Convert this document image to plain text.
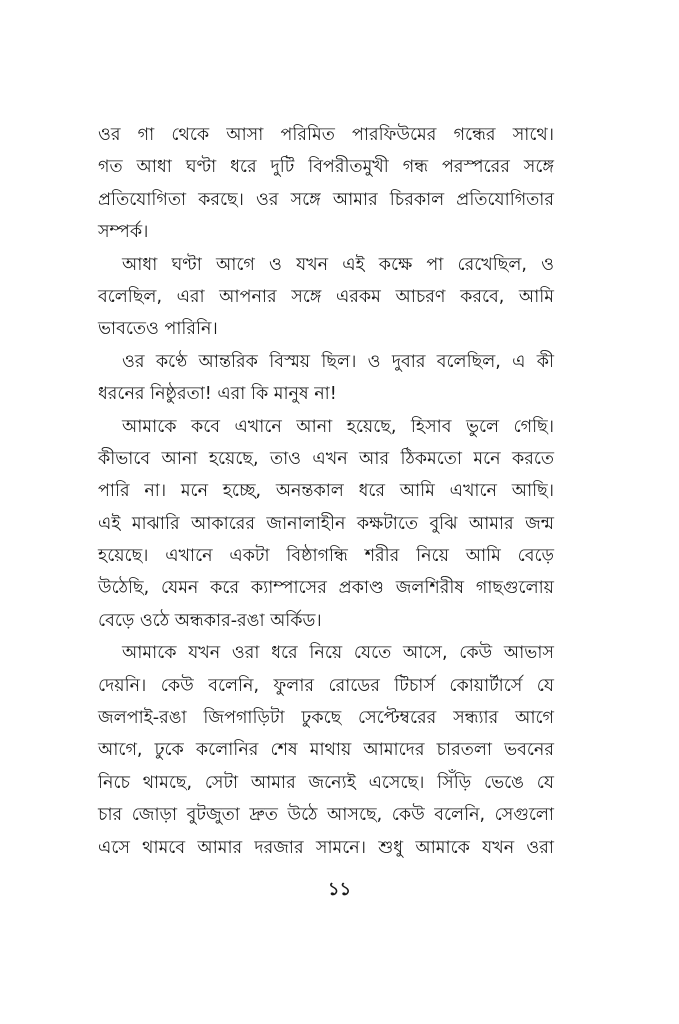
ওর গা থেকে আসা পরিমিত পারফিউমের গন্ধের সাথে।
গত আধা ঘণ্টা ধরে দুটি বিপরীতমুখী গন্ধ পরস্পরের সঙ্গে
প্রতিযোগিতা করছে। ওর সঙ্গে আমার চিরকাল প্রতিযোগিতার
সম্পর্ক।
আধা ঘণ্টা আগে ও যখন এই কক্ষে পা রেখেছিল, ও
বলেছিল, এরা আপনার সঙ্গে এরকম আচরণ করবে, আমি
ভাবতেও পারিনি।
ওর কণ্ঠে আন্তরিক বিস্ময় ছিল। ও দুবার বলেছিল, এ কী
ধরনের নিষ্ঠুরতা! এরা কি মানুষ না!
আমাকে কবে এখানে আনা হয়েছে, হিসাব ভুলে গেছি।
কীভাবে আনা হয়েছে, তাও এখন আর ঠিকমতো মনে করতে
পারি না। মনে হচ্ছে, অনন্তকাল ধরে আমি এখানে আছি।
এই মাঝারি আকারের জানালাহীন কক্ষটাতে বুঝি আমার জন্ম
হয়েছে। এখানে একটা বিষ্ঠাগন্ধি শরীর নিয়ে আমি বেড়ে
উঠেছি, যেমন করে ক্যাম্পাসের প্রকাণ্ড জলশিরীষ গাছগুলোয়
বেড়ে ওঠে অন্ধকার-রঙা অর্কিড।
আমাকে যখন ওরা ধরে নিয়ে যেতে আসে, কেউ আভাস
দেয়নি। কেউ বলেনি, ফুলার রোডের টিচার্স কোয়ার্টার্সে যে
জলপাই-রঙা জিপগাড়িটা ঢুকছে সেপ্টেম্বরের সন্ধ্যার আগে
আগে, ঢুকে কলোনির শেষ মাথায় আমাদের চারতলা ভবনের
নিচে থামছে, সেটা আমার জন্যেই এসেছে। সিঁড়ি ভেঙে যে
চার জোড়া বুটজুতা দ্রুত উঠে আসছে, কেউ বলেনি, সেগুলো
এসে থামবে আমার দরজার সামনে। শুধু আমাকে যখন ওরা
১১
